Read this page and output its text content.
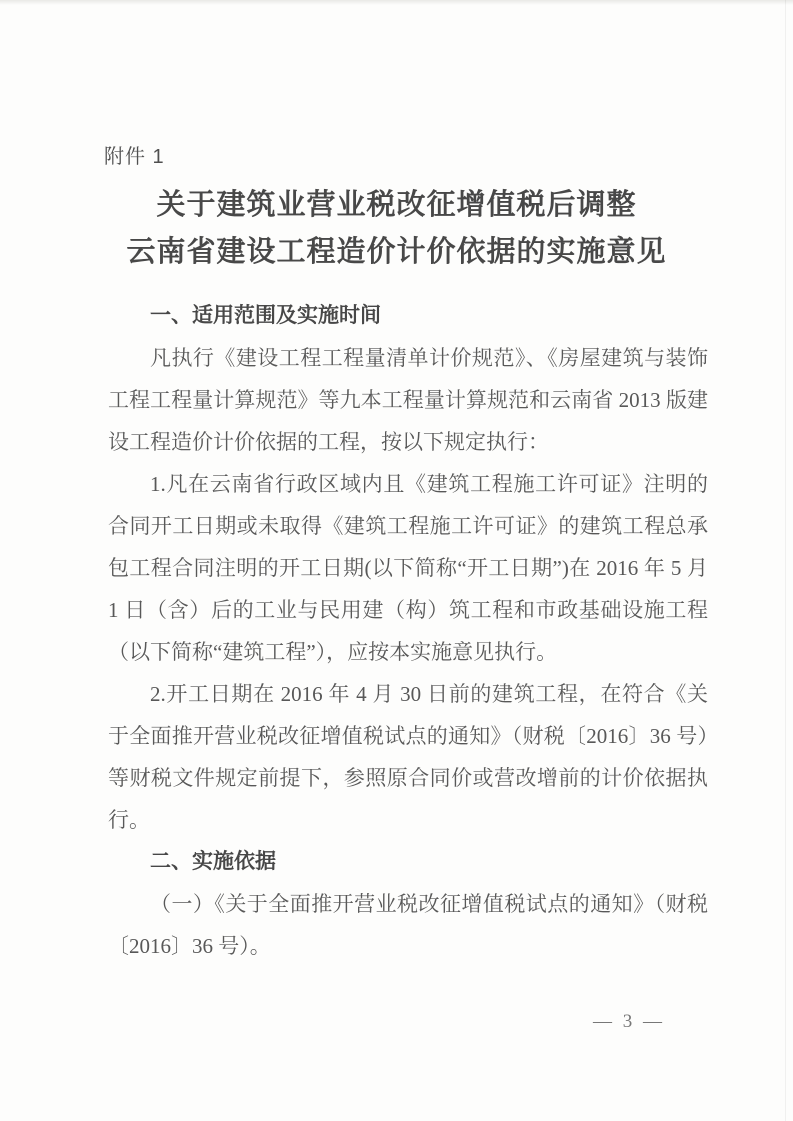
附件 1
关于建筑业营业税改征增值税后调整
云南省建设工程造价计价依据的实施意见
一、适用范围及实施时间

凡执行《建设工程工程量清单计价规范》、《房屋建筑与装饰工程工程量计算规范》等九本工程量计算规范和云南省 2013 版建设工程造价计价依据的工程，按以下规定执行：

1.凡在云南省行政区域内且《建筑工程施工许可证》注明的合同开工日期或未取得《建筑工程施工许可证》的建筑工程总承包工程合同注明的开工日期(以下简称“开工日期”)在 2016 年 5 月 1 日（含）后的工业与民用建（构）筑工程和市政基础设施工程（以下简称“建筑工程”），应按本实施意见执行。

2.开工日期在 2016 年 4 月 30 日前的建筑工程，在符合《关于全面推开营业税改征增值税试点的通知》（财税〔2016〕36 号）等财税文件规定前提下，参照原合同价或营改增前的计价依据执行。

二、实施依据

（一）《关于全面推开营业税改征增值税试点的通知》（财税〔2016〕36 号）。

— 3 —
